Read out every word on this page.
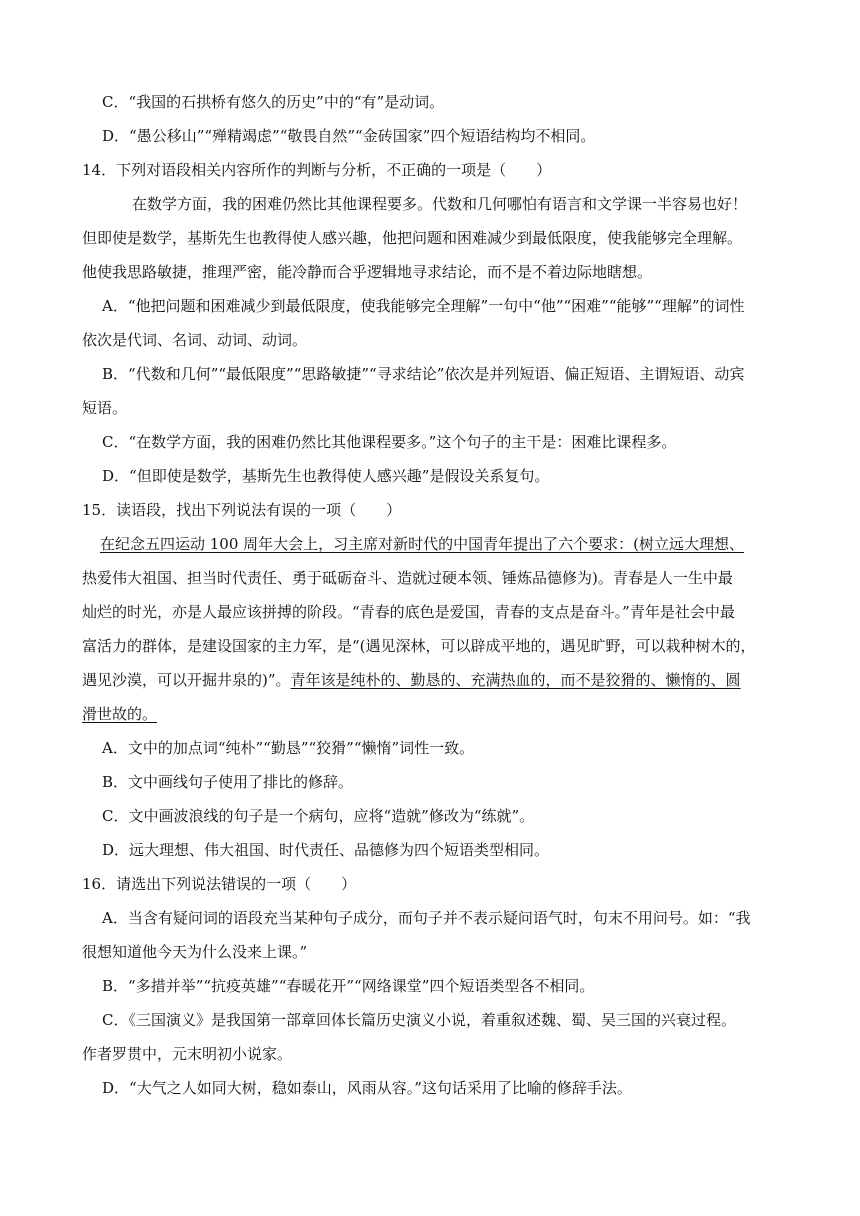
C．“我国的石拱桥有悠久的历史”中的“有”是动词。
D．“愚公移山”“殚精竭虑”“敬畏自然”“金砖国家”四个短语结构均不相同。
14．下列对语段相关内容所作的判断与分析，不正确的一项是（　　）
在数学方面，我的困难仍然比其他课程要多。代数和几何哪怕有语言和文学课一半容易也好！
但即使是数学，基斯先生也教得使人感兴趣，他把问题和困难减少到最低限度，使我能够完全理解。
他使我思路敏捷，推理严密，能冷静而合乎逻辑地寻求结论，而不是不着边际地瞎想。
A．“他把问题和困难减少到最低限度，使我能够完全理解”一句中“他”“困难”“能够”“理解”的词性
依次是代词、名词、动词、动词。
B．“代数和几何”“最低限度”“思路敏捷”“寻求结论”依次是并列短语、偏正短语、主谓短语、动宾
短语。
C．“在数学方面，我的困难仍然比其他课程要多。”这个句子的主干是：困难比课程多。
D．“但即使是数学，基斯先生也教得使人感兴趣”是假设关系复句。
15．读语段，找出下列说法有误的一项（　　）
在纪念五四运动 100 周年大会上，习主席对新时代的中国青年提出了六个要求：(树立远大理想、
热爱伟大祖国、担当时代责任、勇于砥砺奋斗、造就过硬本领、锤炼品德修为)。青春是人一生中最
灿烂的时光，亦是人最应该拼搏的阶段。“青春的底色是爱国，青春的支点是奋斗。”青年是社会中最
富活力的群体，是建设国家的主力军，是“(遇见深林，可以辟成平地的，遇见旷野，可以栽种树木的，
遇见沙漠，可以开掘井泉的)”。青年该是纯朴的、勤恳的、充满热血的，而不是狡猾的、懒惰的、圆
滑世故的。
A．文中的加点词“纯朴”“勤恳”“狡猾”“懒惰”词性一致。
B．文中画线句子使用了排比的修辞。
C．文中画波浪线的句子是一个病句，应将“造就”修改为“练就”。
D．远大理想、伟大祖国、时代责任、品德修为四个短语类型相同。
16．请选出下列说法错误的一项（　　）
A．当含有疑问词的语段充当某种句子成分，而句子并不表示疑问语气时，句末不用问号。如：“我
很想知道他今天为什么没来上课。”
B．“多措并举”“抗疫英雄”“春暖花开”“网络课堂”四个短语类型各不相同。
C．《三国演义》是我国第一部章回体长篇历史演义小说，着重叙述魏、蜀、吴三国的兴衰过程。
作者罗贯中，元末明初小说家。
D．“大气之人如同大树，稳如泰山，风雨从容。”这句话采用了比喻的修辞手法。
